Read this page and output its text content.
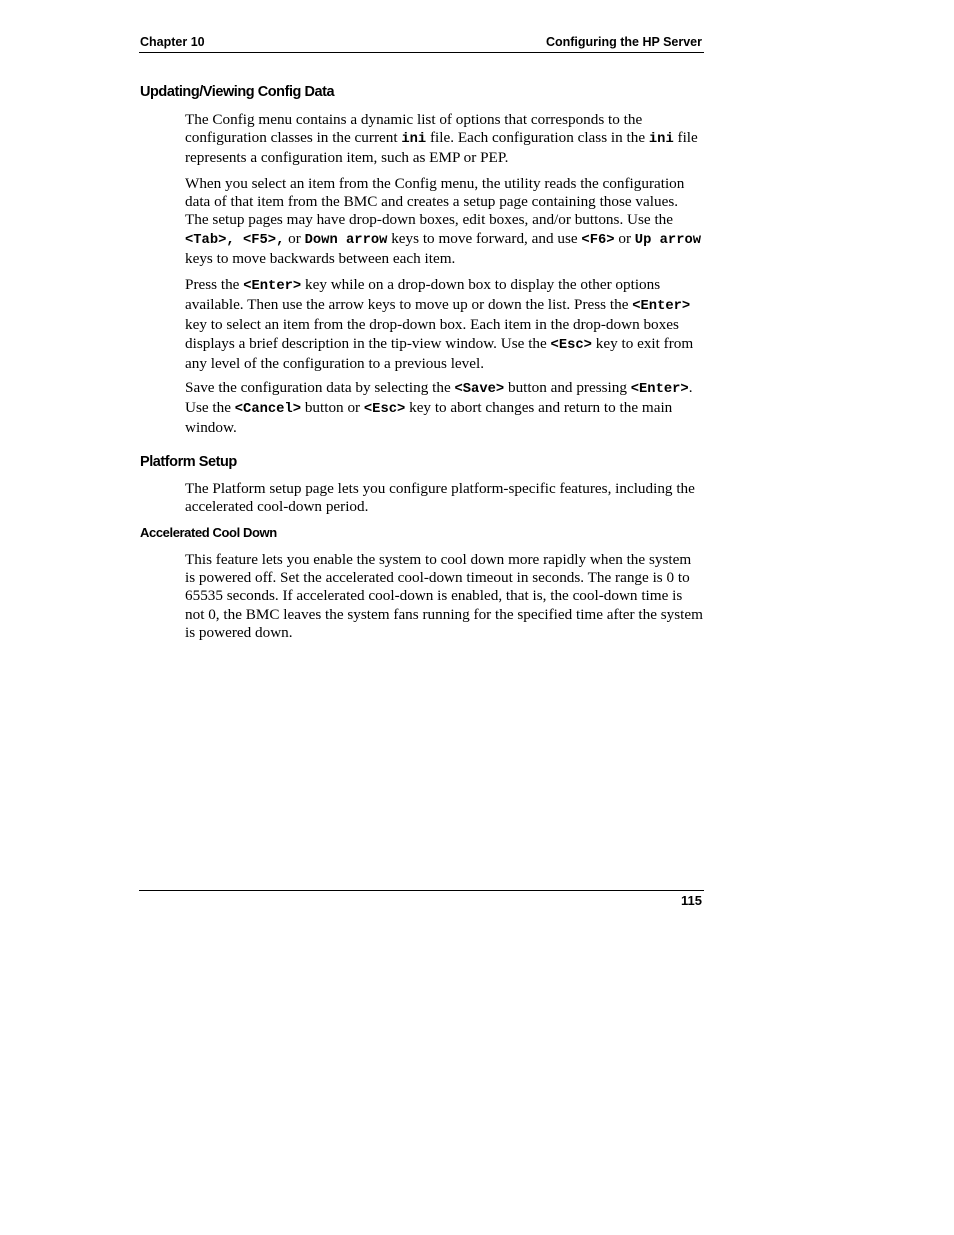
Chapter 10	Configuring the HP Server
Updating/Viewing Config Data

The Config menu contains a dynamic list of options that corresponds to the configuration classes in the current ini file. Each configuration class in the ini file represents a configuration item, such as EMP or PEP.

When you select an item from the Config menu, the utility reads the configuration data of that item from the BMC and creates a setup page containing those values. The setup pages may have drop-down boxes, edit boxes, and/or buttons. Use the <Tab>, <F5>, or Down arrow keys to move forward, and use <F6> or Up arrow keys to move backwards between each item.

Press the <Enter> key while on a drop-down box to display the other options available. Then use the arrow keys to move up or down the list. Press the <Enter> key to select an item from the drop-down box. Each item in the drop-down boxes displays a brief description in the tip-view window. Use the <Esc> key to exit from any level of the configuration to a previous level.

Save the configuration data by selecting the <Save> button and pressing <Enter>. Use the <Cancel> button or <Esc> key to abort changes and return to the main window.

Platform Setup

The Platform setup page lets you configure platform-specific features, including the accelerated cool-down period.

Accelerated Cool Down

This feature lets you enable the system to cool down more rapidly when the system is powered off. Set the accelerated cool-down timeout in seconds. The range is 0 to 65535 seconds. If accelerated cool-down is enabled, that is, the cool-down time is not 0, the BMC leaves the system fans running for the specified time after the system is powered down.

115
